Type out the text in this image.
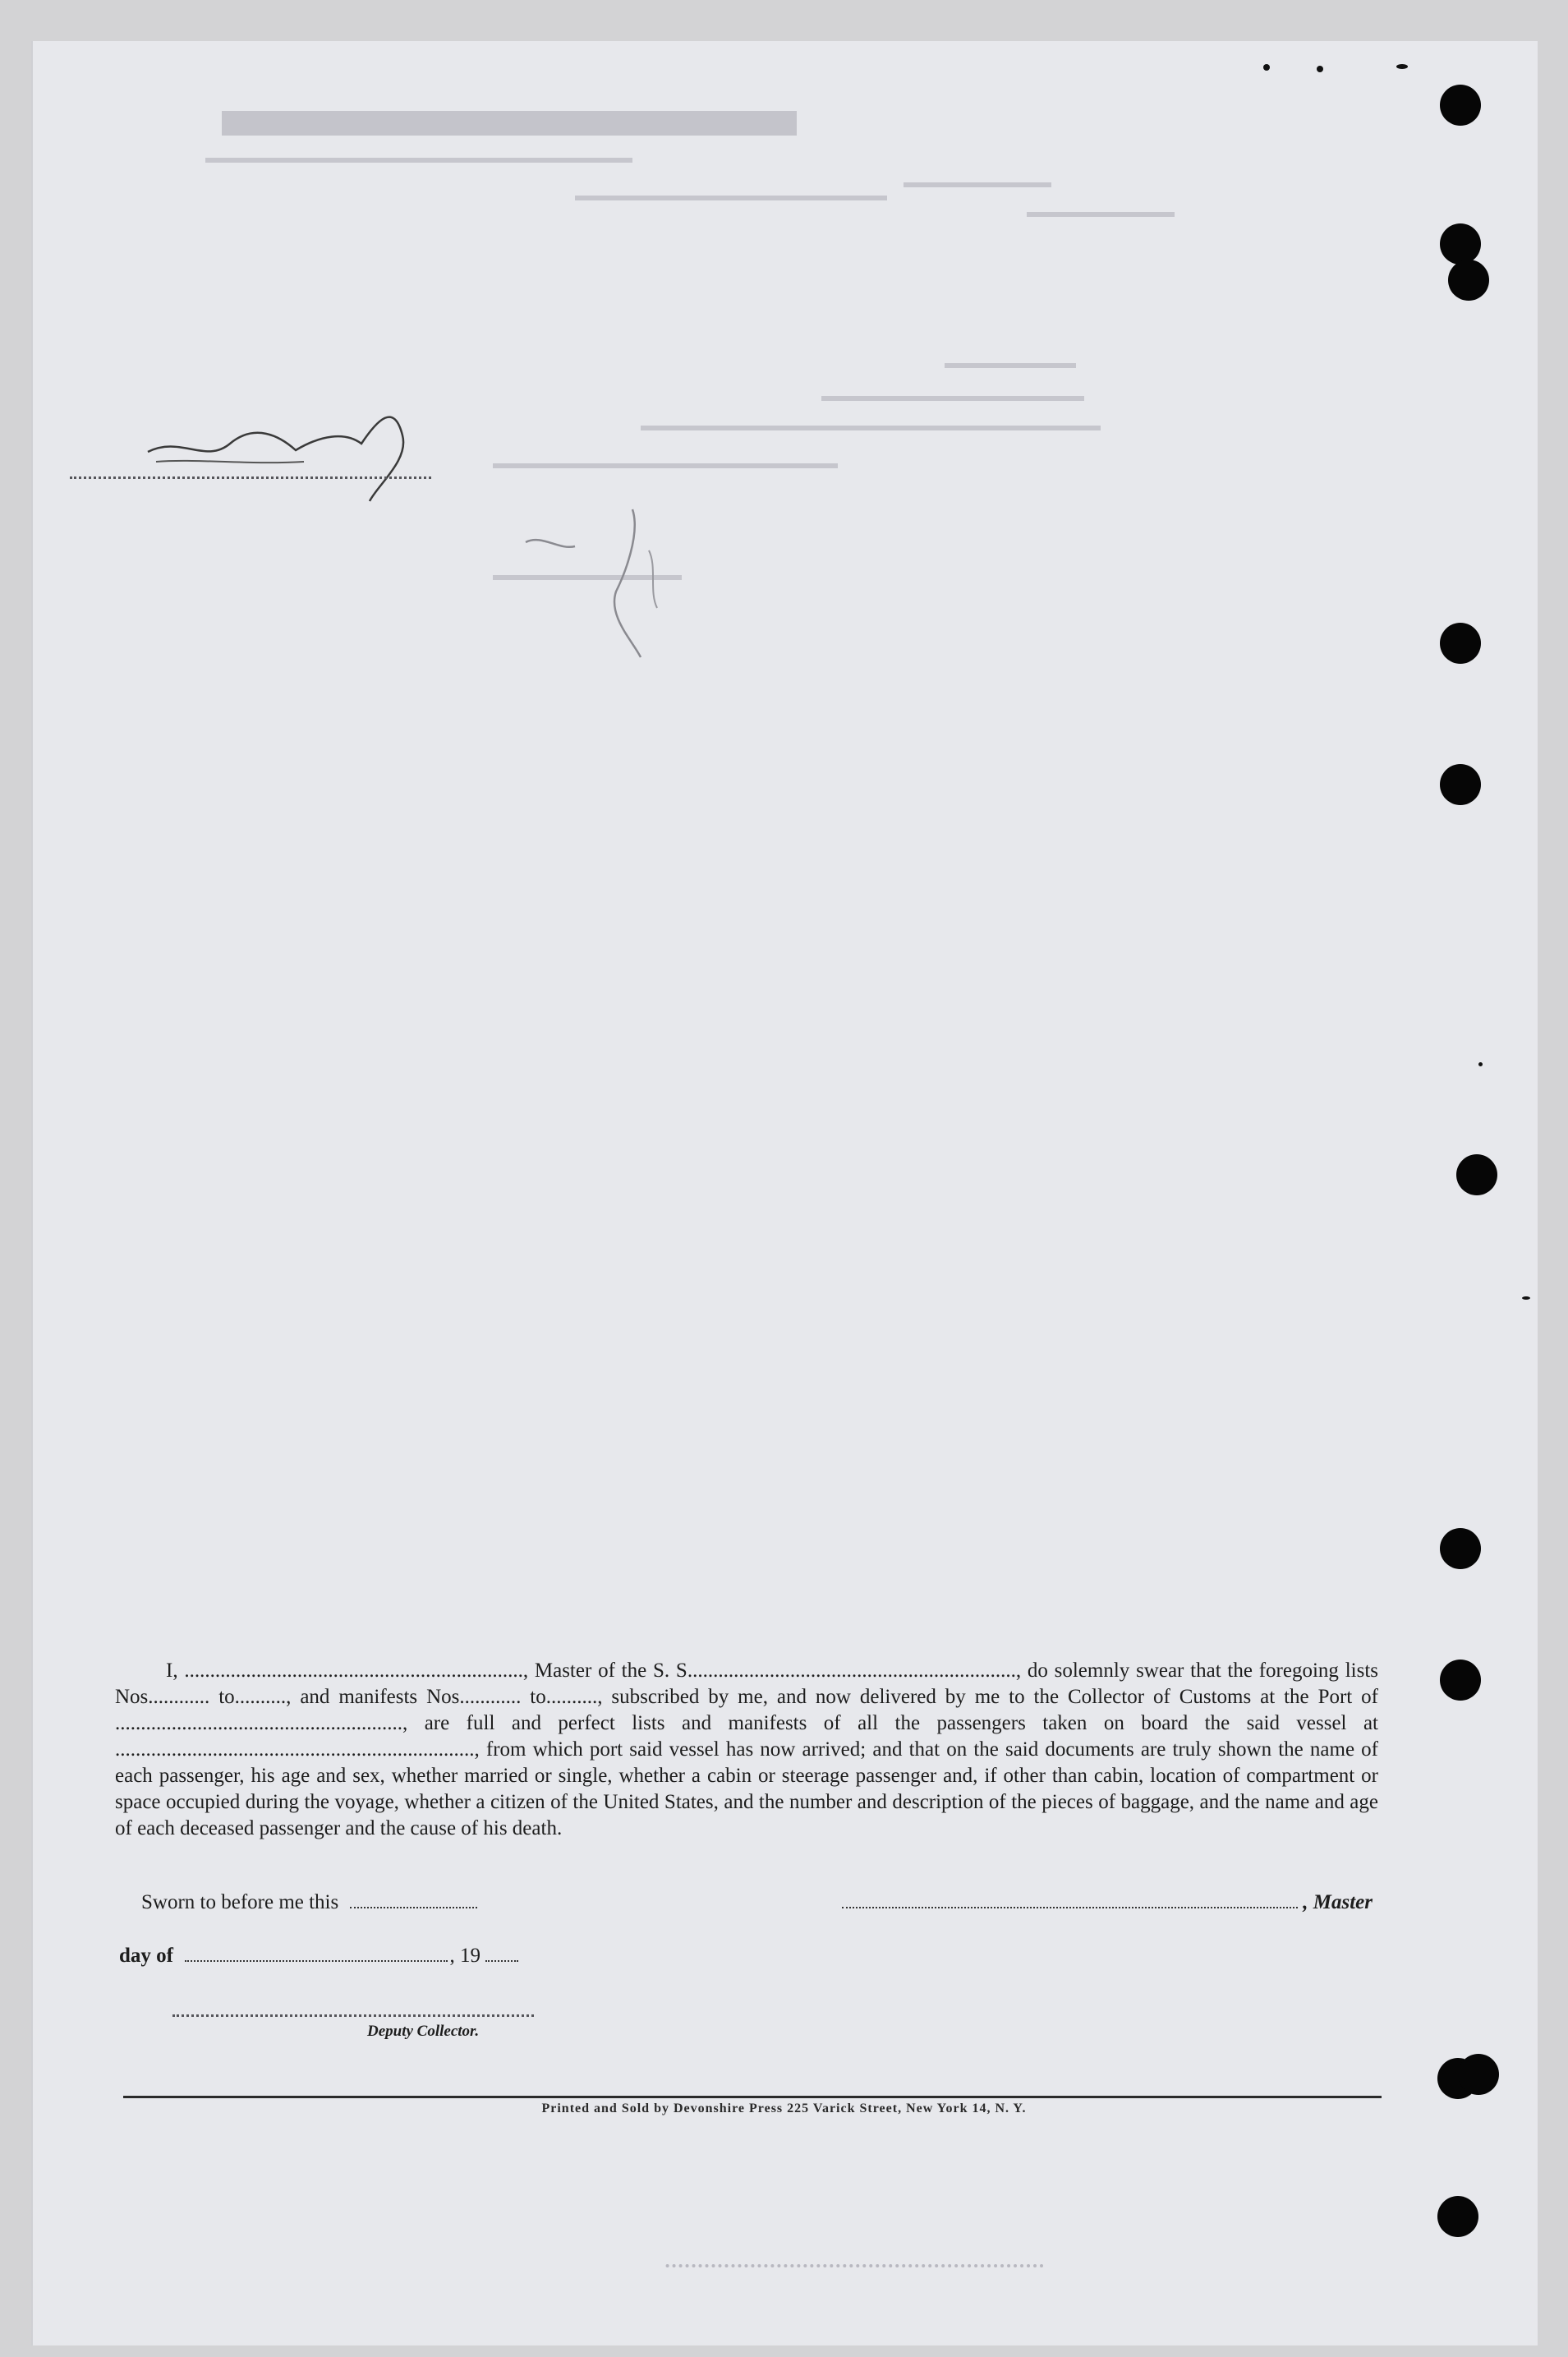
I, .................................................................., Master of the S. S................................................................, do solemnly swear that the foregoing lists Nos............ to.........., and manifests Nos............ to.........., subscribed by me, and now delivered by me to the Collector of Customs at the Port of ........................................................, are full and perfect lists and manifests of all the passengers taken on board the said vessel at ......................................................................, from which port said vessel has now arrived; and that on the said documents are truly shown the name of each passenger, his age and sex, whether married or single, whether a cabin or steerage passenger and, if other than cabin, location of compartment or space occupied during the voyage, whether a citizen of the United States, and the number and description of the pieces of baggage, and the name and age of each deceased passenger and the cause of his death.

Sworn to before me this	, Master
day of	, 19
Deputy Collector.
Printed and Sold by Devonshire Press 225 Varick Street, New York 14, N. Y.
